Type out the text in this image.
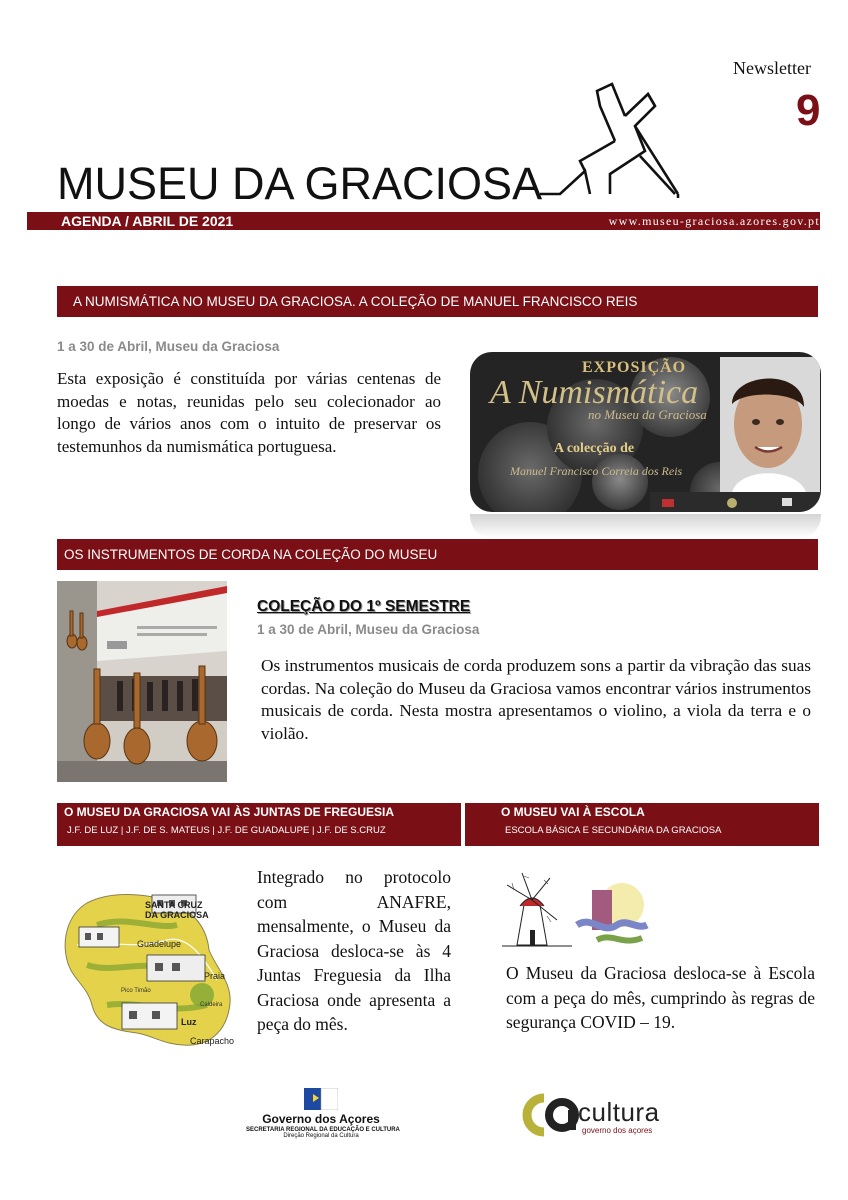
Newsletter
9
MUSEU DA GRACIOSA
AGENDA / ABRIL DE 2021	www.museu-graciosa.azores.gov.pt
A NUMISMÁTICA NO MUSEU DA GRACIOSA. A COLEÇÃO DE MANUEL FRANCISCO REIS
1 a 30 de Abril, Museu da Graciosa
Esta exposição é constituída por várias centenas de moedas e notas, reunidas pelo seu colecionador ao longo de vários anos com o intuito de preservar os testemunhos da numismática portuguesa.
EXPOSIÇÃO
A Numismática
no Museu da Graciosa
A colecção de
Manuel Francisco Correia dos Reis
OS INSTRUMENTOS DE CORDA NA COLEÇÃO DO MUSEU
COLEÇÃO DO 1º SEMESTRE
1 a 30 de Abril, Museu da Graciosa
Os instrumentos musicais de corda produzem sons a partir da vibração das suas cordas. Na coleção do Museu da Graciosa vamos encontrar vários instrumentos musicais de corda. Nesta mostra apresentamos o violino, a viola da terra e o violão.
O MUSEU DA GRACIOSA VAI ÀS JUNTAS DE FREGUESIA
J.F. DE LUZ | J.F. DE S. MATEUS | J.F. DE GUADALUPE | J.F. DE S.CRUZ
O MUSEU VAI À ESCOLA
ESCOLA BÁSICA E SECUNDÁRIA DA GRACIOSA
SANTA CRUZ
DA GRACIOSA
Guadelupe
Praia
Pico Timão
Caldeira
Luz
Carapacho
Integrado no protocolo com ANAFRE, mensalmente, o Museu da Graciosa desloca-se às 4 Juntas Freguesia da Ilha Graciosa onde apresenta a peça do mês.
O Museu da Graciosa desloca-se à Escola com a peça do mês, cumprindo às regras de segurança COVID – 19.
Governo dos Açores
SECRETARIA REGIONAL DA EDUCAÇÃO E CULTURA
Direção Regional da Cultura
cultura
governo dos açores
